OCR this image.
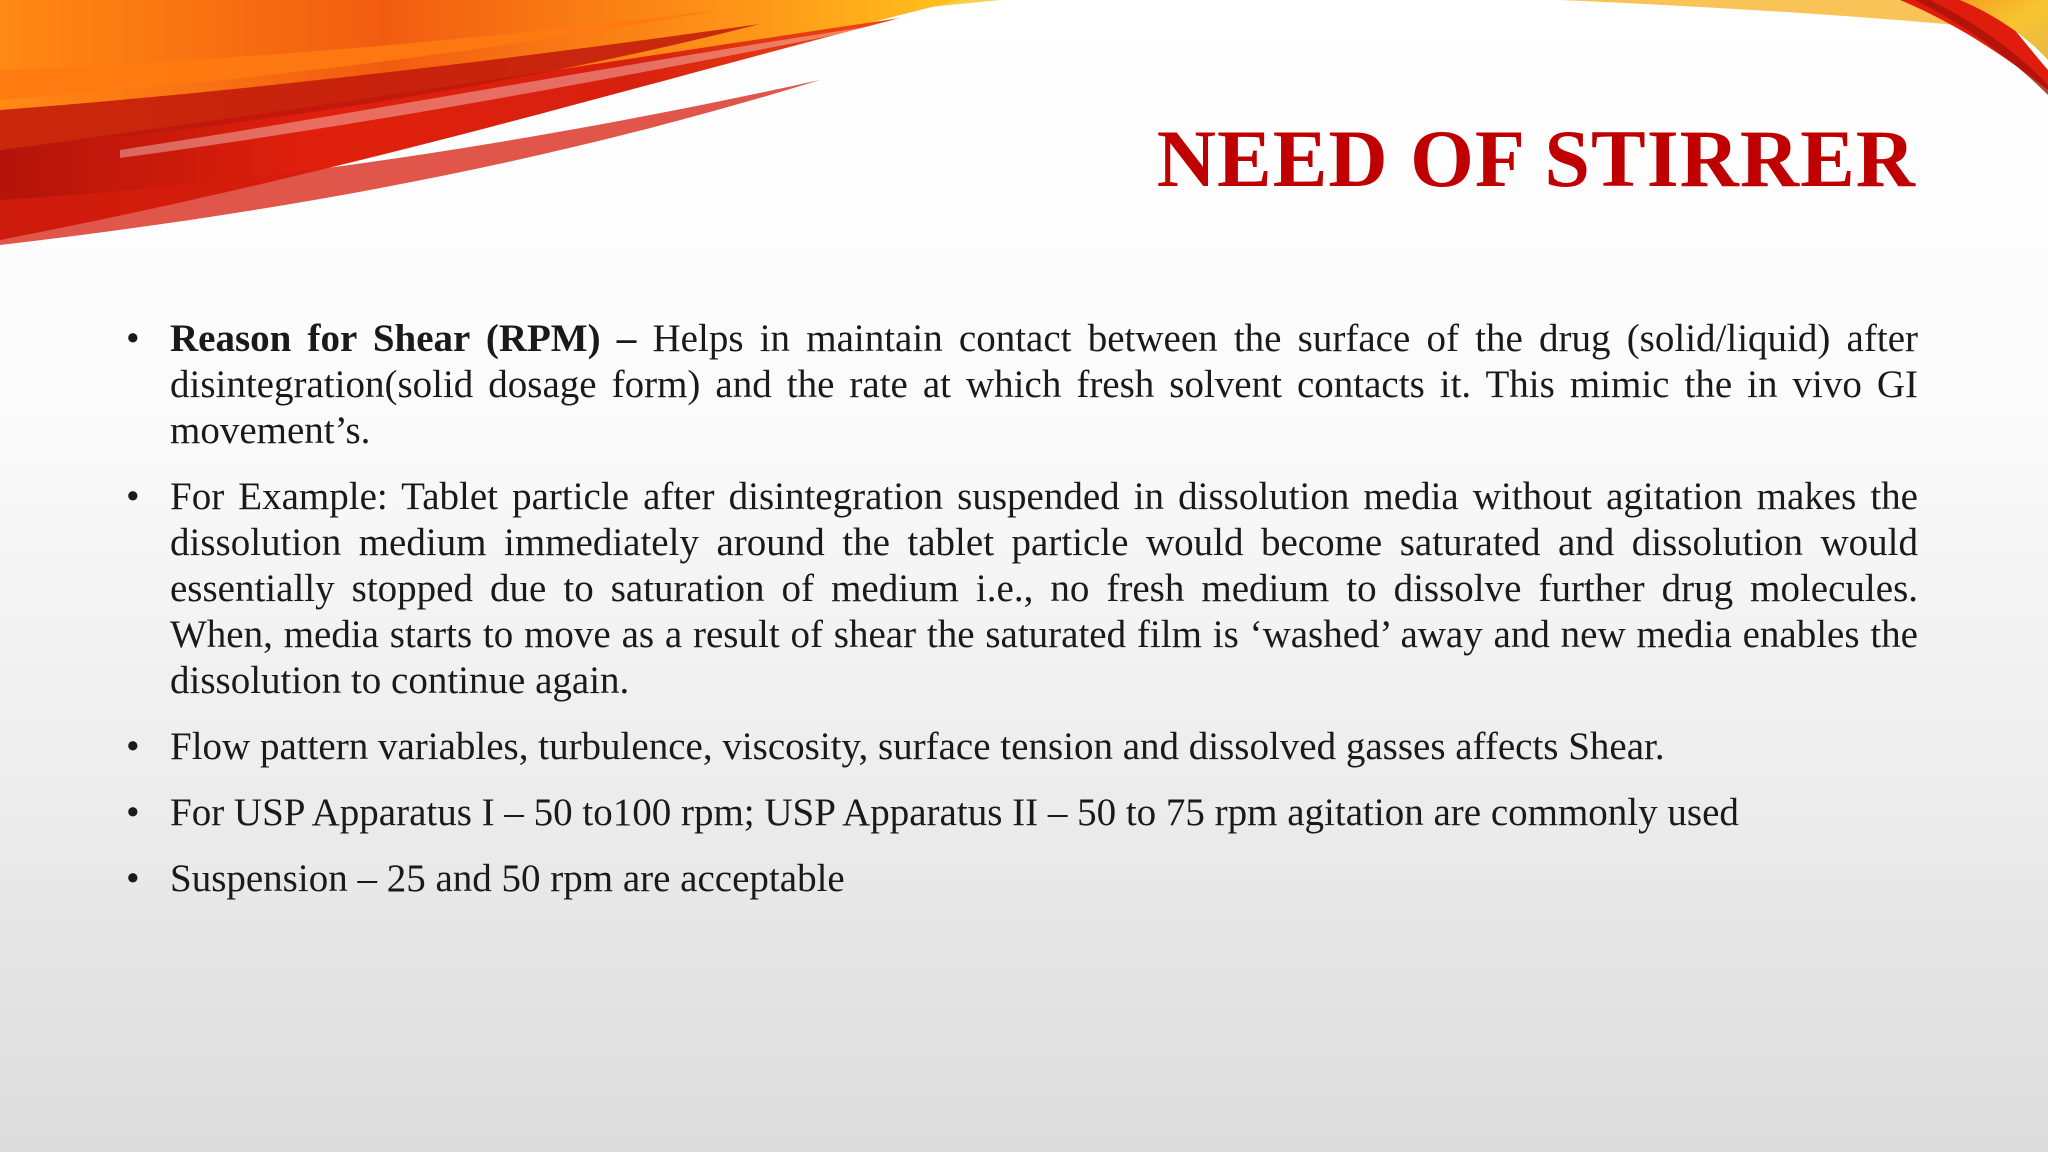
NEED OF STIRRER
• Reason for Shear (RPM) – Helps in maintain contact between the surface of the drug (solid/liquid) after disintegration(solid dosage form) and the rate at which fresh solvent contacts it. This mimic the in vivo GI movement’s.
• For Example: Tablet particle after disintegration suspended in dissolution media without agitation makes the dissolution medium immediately around the tablet particle would become saturated and dissolution would essentially stopped due to saturation of medium i.e., no fresh medium to dissolve further drug molecules. When, media starts to move as a result of shear the saturated film is ‘washed’ away and new media enables the dissolution to continue again.
• Flow pattern variables, turbulence, viscosity, surface tension and dissolved gasses affects Shear.
• For USP Apparatus I – 50 to100 rpm; USP Apparatus II – 50 to 75 rpm agitation are commonly used
• Suspension – 25 and 50 rpm are acceptable
